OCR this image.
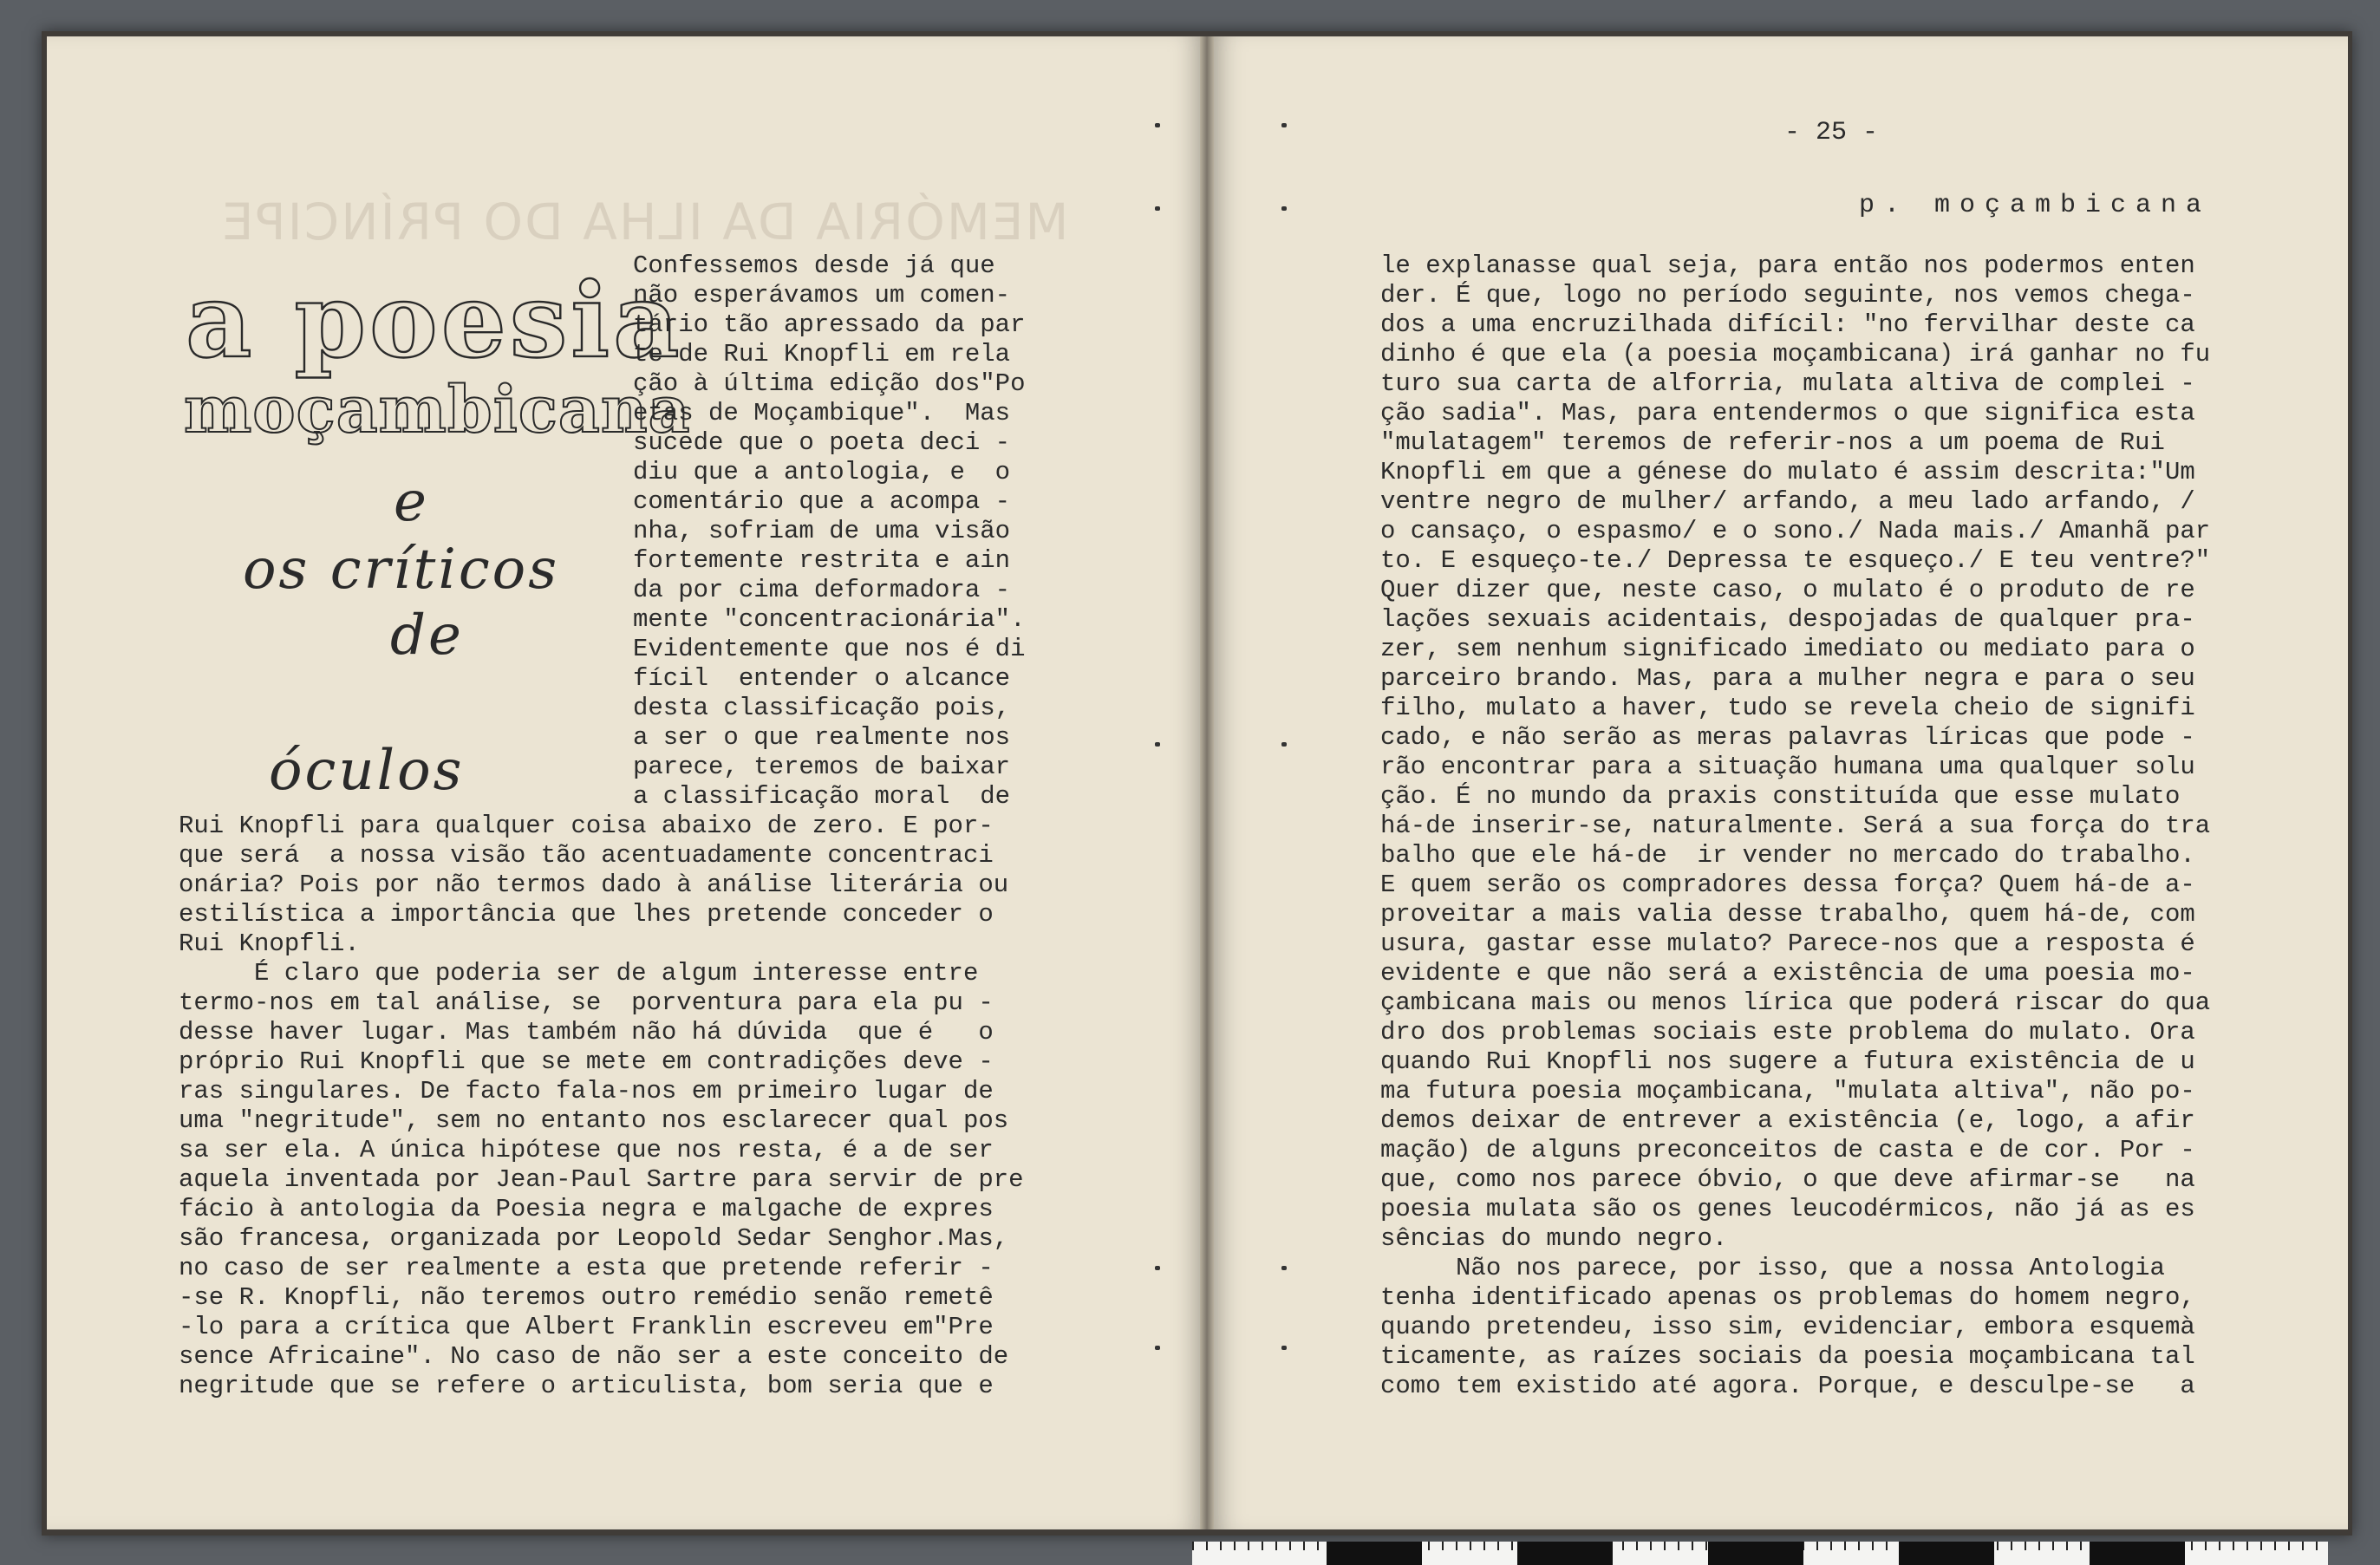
MEMÓRIA DA ILHA DO PRÍNCIPE
a poesia
moçambicana
e
os críticos
de
óculos
Confessemos desde já que
não esperávamos um comen-
tário tão apressado da par
te de Rui Knopfli em rela
ção à última edição dos"Po
etas de Moçambique".  Mas
sucede que o poeta deci -
diu que a antologia, e  o
comentário que a acompa -
nha, sofriam de uma visão
fortemente restrita e ain
da por cima deformadora -
mente "concentracionária".
Evidentemente que nos é di
fícil  entender o alcance
desta classificação pois,
a ser o que realmente nos
parece, teremos de baixar
a classificação moral  de
Rui Knopfli para qualquer coisa abaixo de zero. E por-
que será  a nossa visão tão acentuadamente concentraci
onária? Pois por não termos dado à análise literária ou
estilística a importância que lhes pretende conceder o
Rui Knopfli.
É claro que poderia ser de algum interesse entre
termo-nos em tal análise, se  porventura para ela pu -
desse haver lugar. Mas também não há dúvida  que é   o
próprio Rui Knopfli que se mete em contradições deve -
ras singulares. De facto fala-nos em primeiro lugar de
uma "negritude", sem no entanto nos esclarecer qual pos
sa ser ela. A única hipótese que nos resta, é a de ser
aquela inventada por Jean-Paul Sartre para servir de pre
fácio à antologia da Poesia negra e malgache de expres
são francesa, organizada por Leopold Sedar Senghor.Mas,
no caso de ser realmente a esta que pretende referir -
-se R. Knopfli, não teremos outro remédio senão remetê
-lo para a crítica que Albert Franklin escreveu em"Pre
sence Africaine". No caso de não ser a este conceito de
negritude que se refere o articulista, bom seria que e
- 25 -
p. moçambicana
le explanasse qual seja, para então nos podermos enten
der. É que, logo no período seguinte, nos vemos chega-
dos a uma encruzilhada difícil: "no fervilhar deste ca
dinho é que ela (a poesia moçambicana) irá ganhar no fu
turo sua carta de alforria, mulata altiva de complei -
ção sadia". Mas, para entendermos o que significa esta
"mulatagem" teremos de referir-nos a um poema de Rui
Knopfli em que a génese do mulato é assim descrita:"Um
ventre negro de mulher/ arfando, a meu lado arfando, /
o cansaço, o espasmo/ e o sono./ Nada mais./ Amanhã par
to. E esqueço-te./ Depressa te esqueço./ E teu ventre?"
Quer dizer que, neste caso, o mulato é o produto de re
lações sexuais acidentais, despojadas de qualquer pra-
zer, sem nenhum significado imediato ou mediato para o
parceiro brando. Mas, para a mulher negra e para o seu
filho, mulato a haver, tudo se revela cheio de signifi
cado, e não serão as meras palavras líricas que pode -
rão encontrar para a situação humana uma qualquer solu
ção. É no mundo da praxis constituída que esse mulato
há-de inserir-se, naturalmente. Será a sua força do tra
balho que ele há-de  ir vender no mercado do trabalho.
E quem serão os compradores dessa força? Quem há-de a-
proveitar a mais valia desse trabalho, quem há-de, com
usura, gastar esse mulato? Parece-nos que a resposta é
evidente e que não será a existência de uma poesia mo-
çambicana mais ou menos lírica que poderá riscar do qua
dro dos problemas sociais este problema do mulato. Ora
quando Rui Knopfli nos sugere a futura existência de u
ma futura poesia moçambicana, "mulata altiva", não po-
demos deixar de entrever a existência (e, logo, a afir
mação) de alguns preconceitos de casta e de cor. Por -
que, como nos parece óbvio, o que deve afirmar-se   na
poesia mulata são os genes leucodérmicos, não já as es
sências do mundo negro.
Não nos parece, por isso, que a nossa Antologia
tenha identificado apenas os problemas do homem negro,
quando pretendeu, isso sim, evidenciar, embora esquemà
ticamente, as raízes sociais da poesia moçambicana tal
como tem existido até agora. Porque, e desculpe-se   a
